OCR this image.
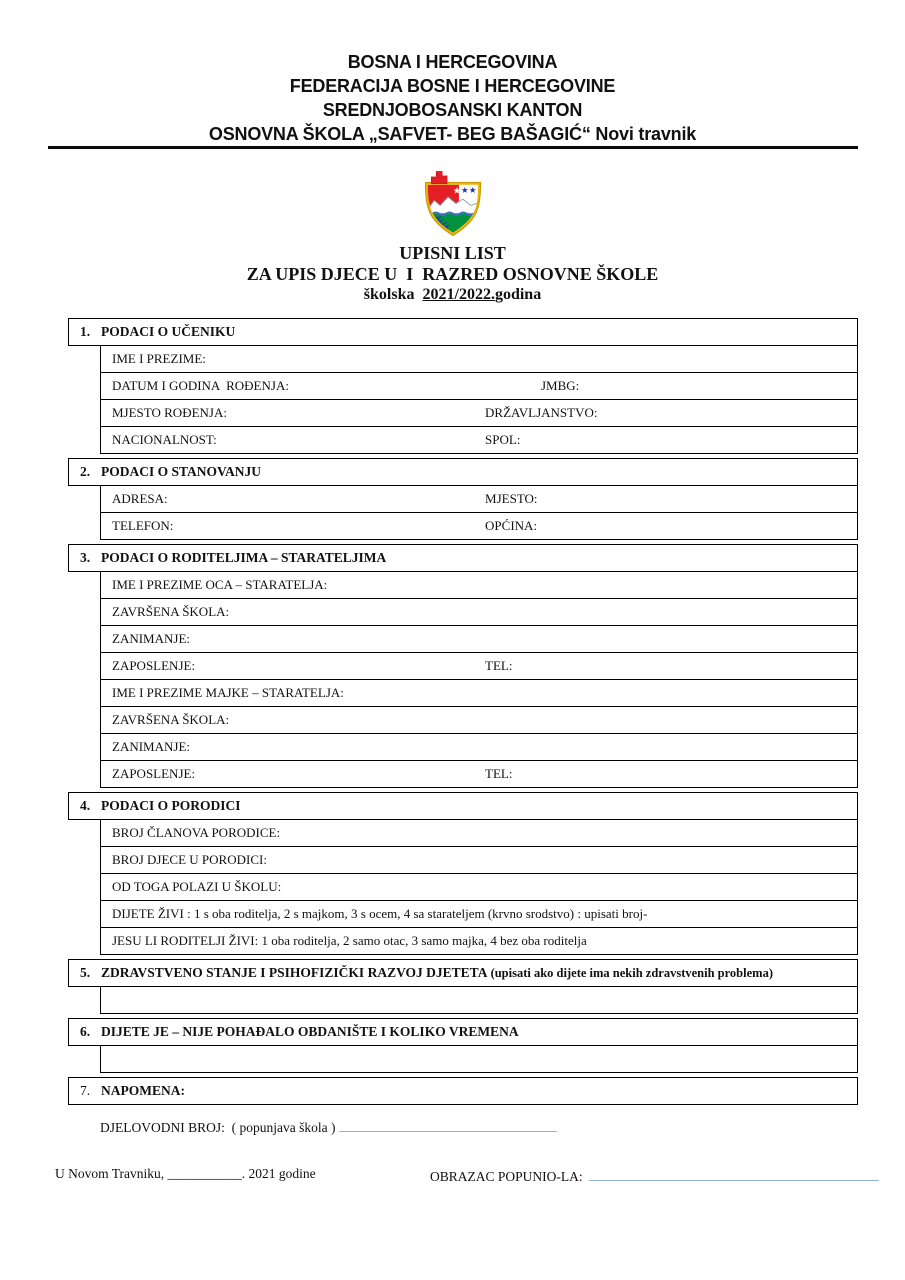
BOSNA I HERCEGOVINA
FEDERACIJA BOSNE I HERCEGOVINE
SREDNJOBOSANSKI KANTON
OSNOVNA ŠKOLA „SAFVET- BEG BAŠAGIĆ“ Novi travnik
UPISNI LIST
ZA UPIS DJECE U  I  RAZRED OSNOVNE ŠKOLE
školska  2021/2022.godina
1. PODACI O UČENIKU
IME I PREZIME:
DATUM I GODINA  ROĐENJA:	JMBG:
MJESTO ROĐENJA:	DRŽAVLJANSTVO:
NACIONALNOST:	SPOL:
2. PODACI O STANOVANJU
ADRESA:	MJESTO:
TELEFON:	OPĆINA:
3. PODACI O RODITELJIMA – STARATELJIMA
IME I PREZIME OCA – STARATELJA:
ZAVRŠENA ŠKOLA:
ZANIMANJE:
ZAPOSLENJE:	TEL:
IME I PREZIME MAJKE – STARATELJA:
ZAVRŠENA ŠKOLA:
ZANIMANJE:
ZAPOSLENJE:	TEL:
4. PODACI O PORODICI
BROJ ČLANOVA PORODICE:
BROJ DJECE U PORODICI:
OD TOGA POLAZI U ŠKOLU:
DIJETE ŽIVI : 1 s oba roditelja, 2 s majkom, 3 s ocem, 4 sa starateljem (krvno srodstvo) : upisati broj-
JESU LI RODITELJI ŽIVI: 1 oba roditelja, 2 samo otac, 3 samo majka, 4 bez oba roditelja
5. ZDRAVSTVENO STANJE I PSIHOFIZIČKI RAZVOJ DJETETA (upisati ako dijete ima nekih zdravstvenih problema)
6. DIJETE JE – NIJE POHAĐALO OBDANIŠTE I KOLIKO VREMENA
7. NAPOMENA:
DJELOVODNI BROJ:  ( popunjava škola )
U Novom Travniku, ___________. 2021 godine	OBRAZAC POPUNIO-LA:
